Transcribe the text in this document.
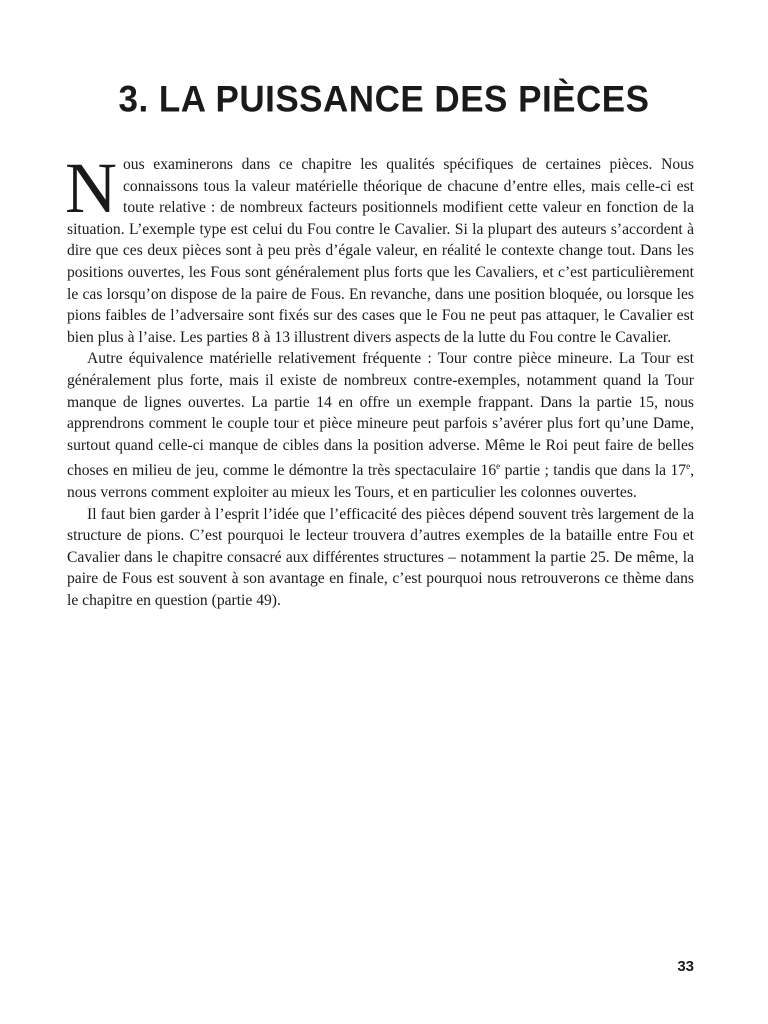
3. LA PUISSANCE DES PIÈCES

Nous examinerons dans ce chapitre les qualités spécifiques de certaines pièces. Nous connaissons tous la valeur matérielle théorique de chacune d’entre elles, mais celle-ci est toute relative : de nombreux facteurs positionnels modifient cette valeur en fonction de la situation. L’exemple type est celui du Fou contre le Cavalier. Si la plupart des auteurs s’accordent à dire que ces deux pièces sont à peu près d’égale valeur, en réalité le contexte change tout. Dans les positions ouvertes, les Fous sont généralement plus forts que les Cavaliers, et c’est particulièrement le cas lorsqu’on dispose de la paire de Fous. En revanche, dans une position bloquée, ou lorsque les pions faibles de l’adversaire sont fixés sur des cases que le Fou ne peut pas attaquer, le Cavalier est bien plus à l’aise. Les parties 8 à 13 illustrent divers aspects de la lutte du Fou contre le Cavalier.

Autre équivalence matérielle relativement fréquente : Tour contre pièce mineure. La Tour est généralement plus forte, mais il existe de nombreux contre-exemples, notamment quand la Tour manque de lignes ouvertes. La partie 14 en offre un exemple frappant. Dans la partie 15, nous apprendrons comment le couple tour et pièce mineure peut parfois s’avérer plus fort qu’une Dame, surtout quand celle-ci manque de cibles dans la position adverse. Même le Roi peut faire de belles choses en milieu de jeu, comme le démontre la très spectaculaire 16e partie ; tandis que dans la 17e, nous verrons comment exploiter au mieux les Tours, et en particulier les colonnes ouvertes.

Il faut bien garder à l’esprit l’idée que l’efficacité des pièces dépend souvent très largement de la structure de pions. C’est pourquoi le lecteur trouvera d’autres exemples de la bataille entre Fou et Cavalier dans le chapitre consacré aux différentes structures – notamment la partie 25. De même, la paire de Fous est souvent à son avantage en finale, c’est pourquoi nous retrouverons ce thème dans le chapitre en question (partie 49).

33
